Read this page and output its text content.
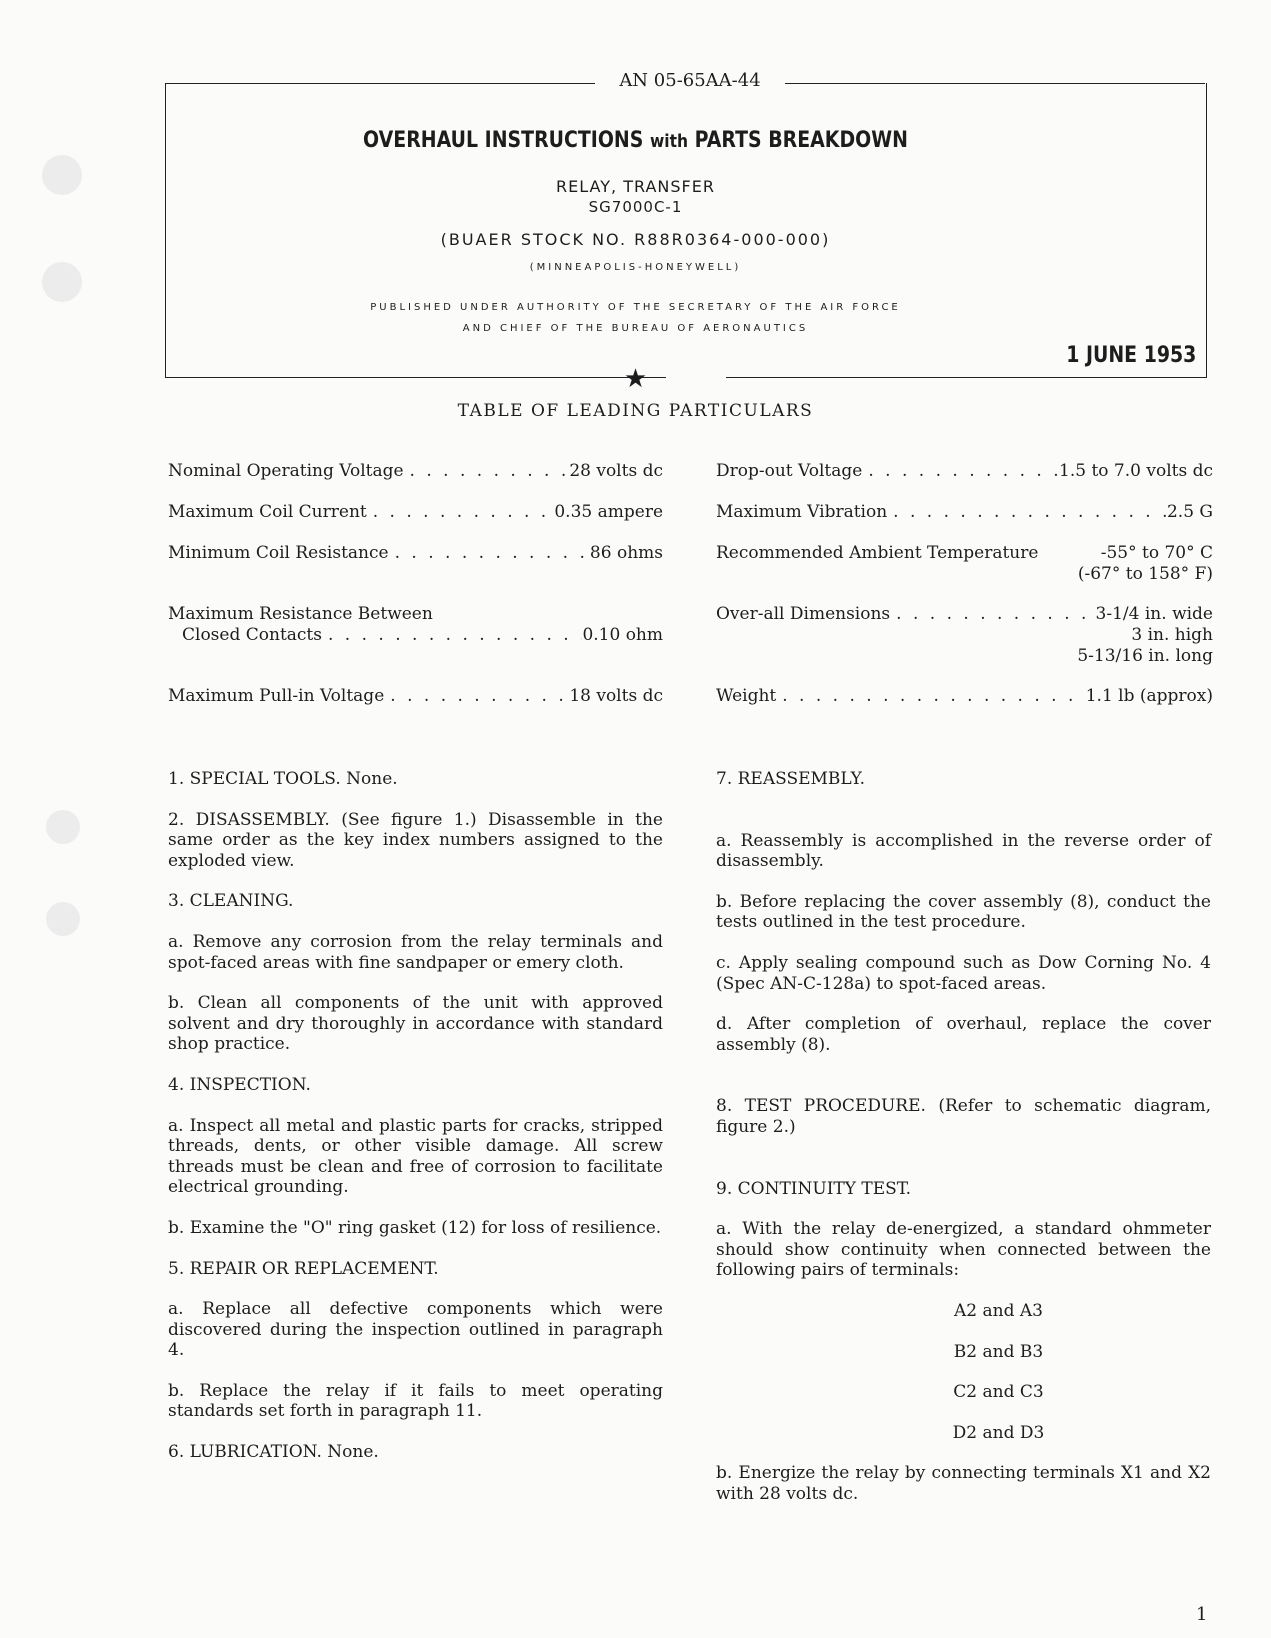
AN 05-65AA-44
★
OVERHAUL INSTRUCTIONS with PARTS BREAKDOWN
RELAY, TRANSFER
SG7000C-1
(BUAER STOCK NO. R88R0364-000-000)
(MINNEAPOLIS-HONEYWELL)
PUBLISHED UNDER AUTHORITY OF THE SECRETARY OF THE AIR FORCE
AND CHIEF OF THE BUREAU OF AERONAUTICS
1 JUNE 1953
TABLE OF LEADING PARTICULARS
Nominal Operating Voltage . . .	28 volts dc
Maximum Coil Current . . .	0.35 ampere
Minimum Coil Resistance . . .	86 ohms
Maximum Resistance Between
Closed Contacts . . .	0.10 ohm
Maximum Pull-in Voltage . . .	18 volts dc
Drop-out Voltage . . .	1.5 to 7.0 volts dc
Maximum Vibration . . .	2.5 G
Recommended Ambient Temperature	-55° to 70° C
(-67° to 158° F)
Over-all Dimensions . . .	3-1/4 in. wide
3 in. high
5-13/16 in. long
Weight . . .	1.1 lb (approx)

1. SPECIAL TOOLS. None.

2. DISASSEMBLY. (See figure 1.) Disassemble in the same order as the key index numbers assigned to the exploded view.

3. CLEANING.

a. Remove any corrosion from the relay terminals and spot-faced areas with fine sandpaper or emery cloth.

b. Clean all components of the unit with approved solvent and dry thoroughly in accordance with standard shop practice.

4. INSPECTION.

a. Inspect all metal and plastic parts for cracks, stripped threads, dents, or other visible damage. All screw threads must be clean and free of corrosion to facilitate electrical grounding.

b. Examine the "O" ring gasket (12) for loss of resilience.

5. REPAIR OR REPLACEMENT.

a. Replace all defective components which were discovered during the inspection outlined in paragraph 4.

b. Replace the relay if it fails to meet operating standards set forth in paragraph 11.

6. LUBRICATION. None.

7. REASSEMBLY.

a. Reassembly is accomplished in the reverse order of disassembly.

b. Before replacing the cover assembly (8), conduct the tests outlined in the test procedure.

c. Apply sealing compound such as Dow Corning No. 4 (Spec AN-C-128a) to spot-faced areas.

d. After completion of overhaul, replace the cover assembly (8).

8. TEST PROCEDURE. (Refer to schematic diagram, figure 2.)

9. CONTINUITY TEST.

a. With the relay de-energized, a standard ohmmeter should show continuity when connected between the following pairs of terminals:

A2 and A3

B2 and B3

C2 and C3

D2 and D3

b. Energize the relay by connecting terminals X1 and X2 with 28 volts dc.

1
